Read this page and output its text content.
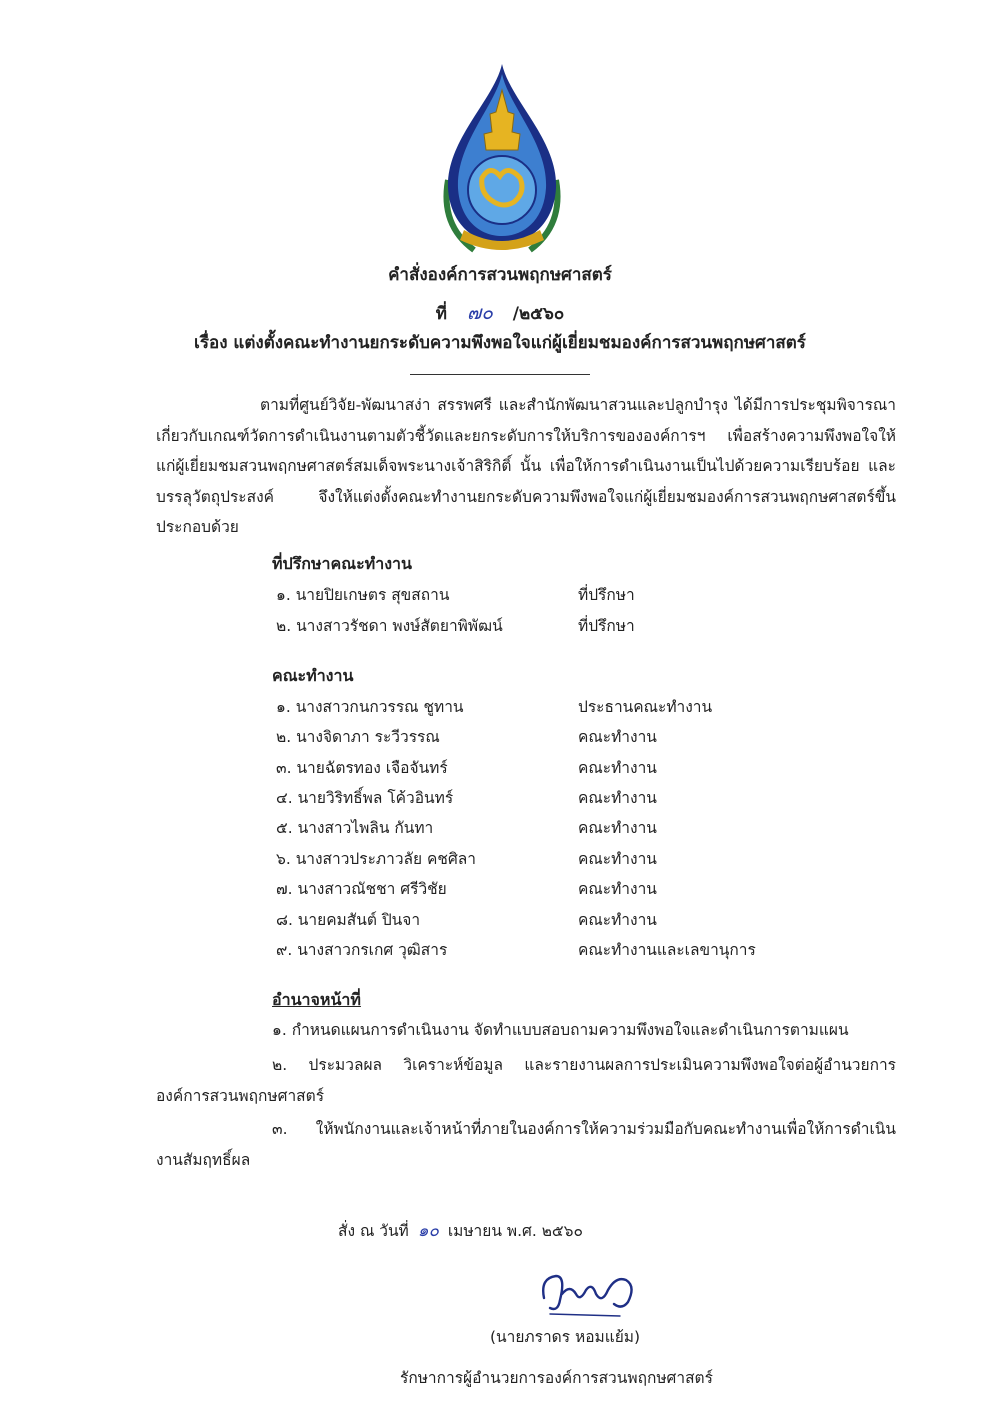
คำสั่งองค์การสวนพฤกษศาสตร์
ที่ ๗๐ /๒๕๖๐
เรื่อง แต่งตั้งคณะทำงานยกระดับความพึงพอใจแก่ผู้เยี่ยมชมองค์การสวนพฤกษศาสตร์

ตามที่ศูนย์วิจัย-พัฒนาสง่า สรรพศรี และสำนักพัฒนาสวนและปลูกบำรุง ได้มีการประชุมพิจารณาเกี่ยวกับเกณฑ์วัดการดำเนินงานตามตัวชี้วัดและยกระดับการให้บริการขององค์การฯ เพื่อสร้างความพึงพอใจให้แก่ผู้เยี่ยมชมสวนพฤกษศาสตร์สมเด็จพระนางเจ้าสิริกิติ์ นั้น เพื่อให้การดำเนินงานเป็นไปด้วยความเรียบร้อย และบรรลุวัตถุประสงค์ จึงให้แต่งตั้งคณะทำงานยกระดับความพึงพอใจแก่ผู้เยี่ยมชมองค์การสวนพฤกษศาสตร์ขึ้น ประกอบด้วย

ที่ปรึกษาคณะทำงาน
๑. นายปิยเกษตร สุขสถาน	ที่ปรึกษา
๒. นางสาวรัชดา พงษ์สัตยาพิพัฒน์	ที่ปรึกษา
คณะทำงาน
๑. นางสาวกนกวรรณ ชูทาน	ประธานคณะทำงาน
๒. นางจิดาภา ระวีวรรณ	คณะทำงาน
๓. นายฉัตรทอง เจือจันทร์	คณะทำงาน
๔. นายวิริทธิ์พล โค้วอินทร์	คณะทำงาน
๕. นางสาวไพลิน กันทา	คณะทำงาน
๖. นางสาวประภาวลัย คชศิลา	คณะทำงาน
๗. นางสาวณัชชา ศรีวิชัย	คณะทำงาน
๘. นายคมสันต์ ปินจา	คณะทำงาน
๙. นางสาวกรเกศ วุฒิสาร	คณะทำงานและเลขานุการ
อำนาจหน้าที่

๑. กำหนดแผนการดำเนินงาน จัดทำแบบสอบถามความพึงพอใจและดำเนินการตามแผน

๒. ประมวลผล วิเคราะห์ข้อมูล และรายงานผลการประเมินความพึงพอใจต่อผู้อำนวยการองค์การสวนพฤกษศาสตร์

๓. ให้พนักงานและเจ้าหน้าที่ภายในองค์การให้ความร่วมมือกับคณะทำงานเพื่อให้การดำเนินงานสัมฤทธิ์ผล

สั่ง ณ วันที่ ๑๐ เมษายน พ.ศ. ๒๕๖๐
(นายภราดร หอมแย้ม)
รักษาการผู้อำนวยการองค์การสวนพฤกษศาสตร์
